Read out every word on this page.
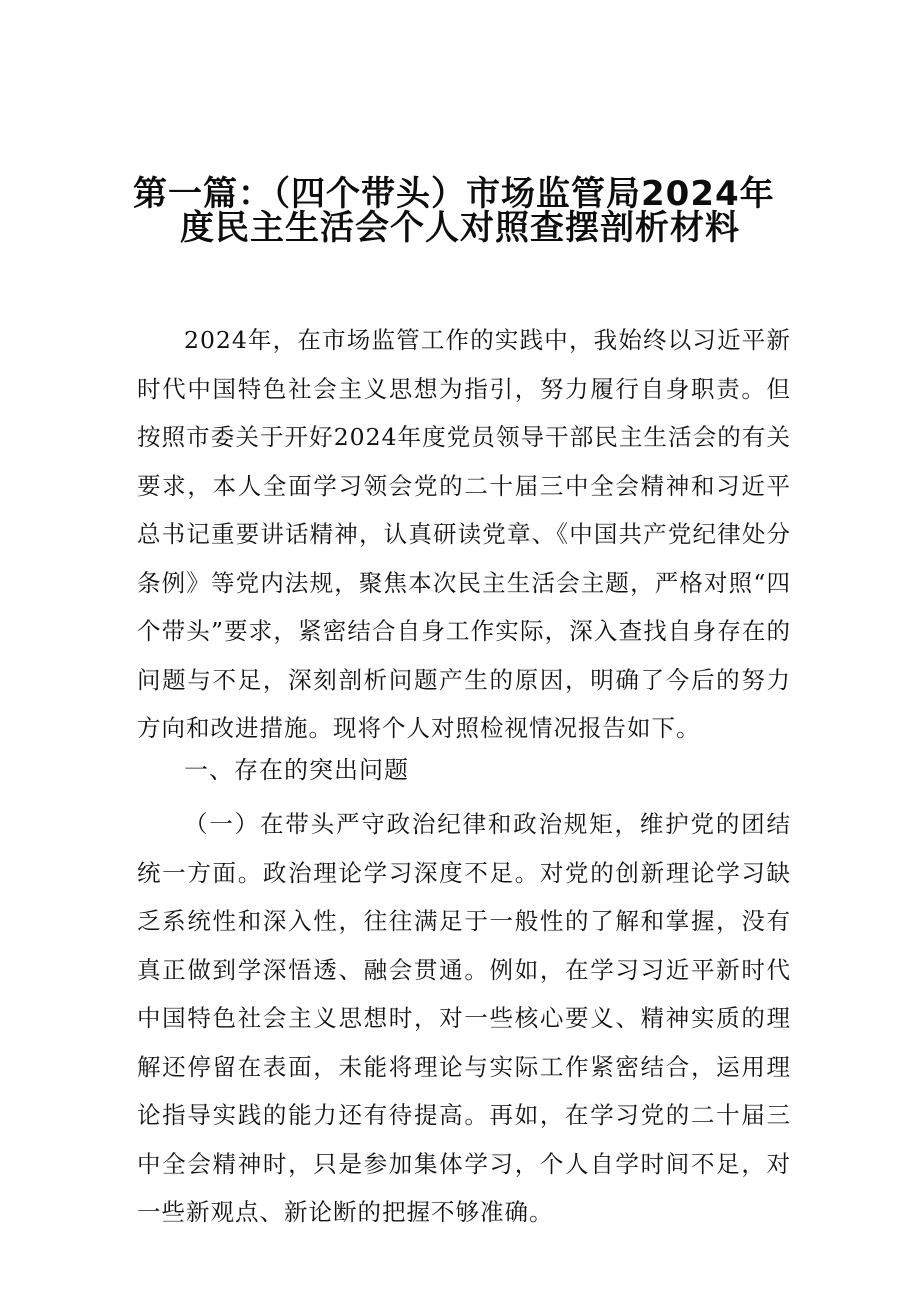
第一篇：（四个带头）市场监管局2024年
度民主生活会个人对照查摆剖析材料

2024年，在市场监管工作的实践中，我始终以习近平新时代中国特色社会主义思想为指引，努力履行自身职责。但按照市委关于开好2024年度党员领导干部民主生活会的有关要求，本人全面学习领会党的二十届三中全会精神和习近平总书记重要讲话精神，认真研读党章、《中国共产党纪律处分条例》等党内法规，聚焦本次民主生活会主题，严格对照“四个带头”要求，紧密结合自身工作实际，深入查找自身存在的问题与不足，深刻剖析问题产生的原因，明确了今后的努力方向和改进措施。现将个人对照检视情况报告如下。

一、存在的突出问题

（一）在带头严守政治纪律和政治规矩，维护党的团结统一方面。政治理论学习深度不足。对党的创新理论学习缺乏系统性和深入性，往往满足于一般性的了解和掌握，没有真正做到学深悟透、融会贯通。例如，在学习习近平新时代中国特色社会主义思想时，对一些核心要义、精神实质的理解还停留在表面，未能将理论与实际工作紧密结合，运用理论指导实践的能力还有待提高。再如，在学习党的二十届三中全会精神时，只是参加集体学习，个人自学时间不足，对一些新观点、新论断的把握不够准确。
